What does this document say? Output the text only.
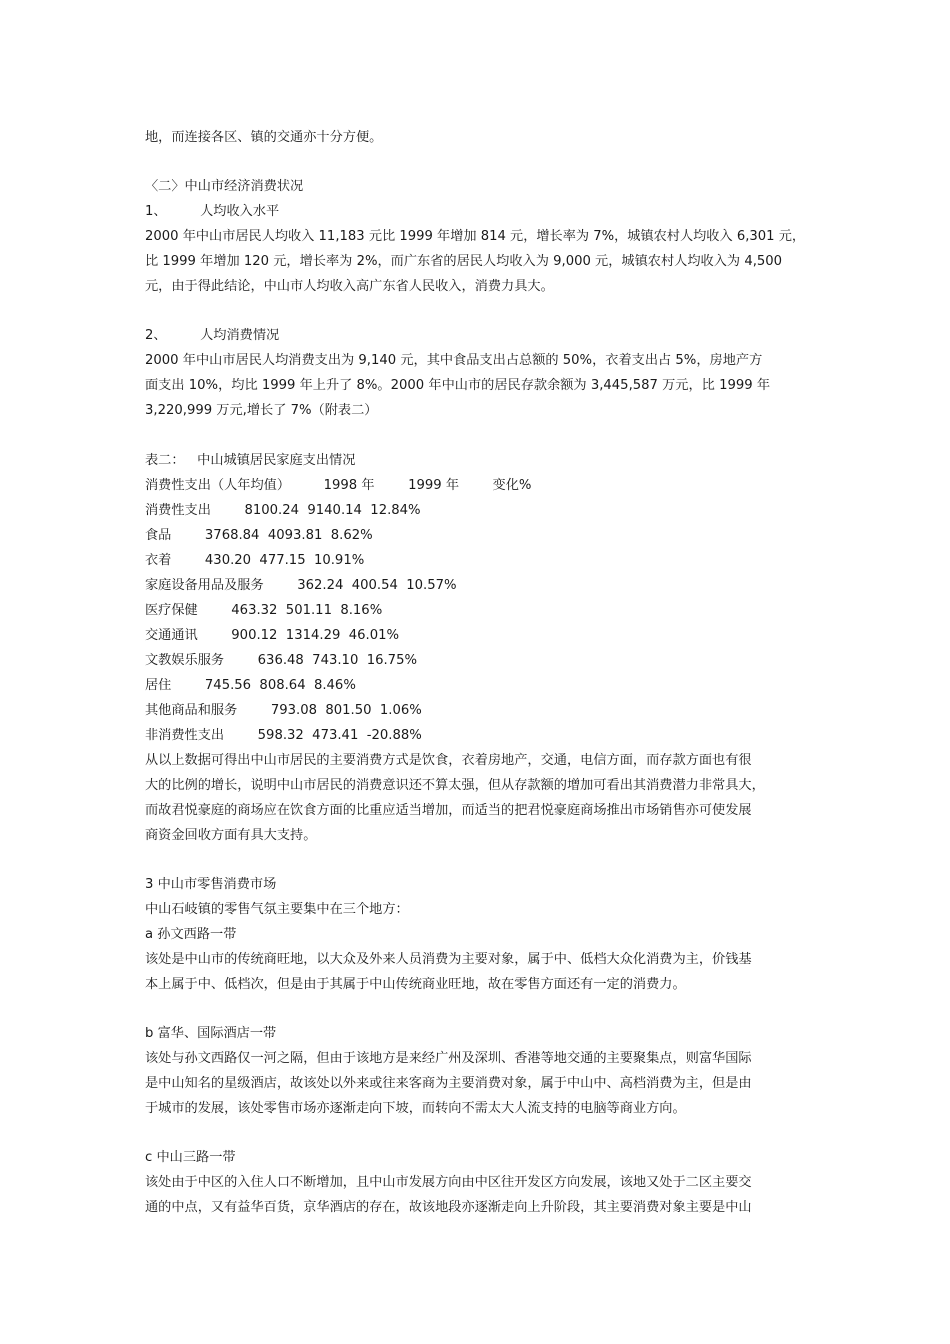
地，而连接各区、镇的交通亦十分方便。
〈二〉中山市经济消费状况
1、        人均收入水平
2000 年中山市居民人均收入 11,183 元比 1999 年增加 814 元，增长率为 7%，城镇农村人均收入 6,301 元，
比 1999 年增加 120 元，增长率为 2%，而广东省的居民人均收入为 9,000 元，城镇农村人均收入为 4,500
元，由于得此结论，中山市人均收入高广东省人民收入，消费力具大。
2、        人均消费情况
2000 年中山市居民人均消费支出为 9,140 元，其中食品支出占总额的 50%，衣着支出占 5%，房地产方
面支出 10%，均比 1999 年上升了 8%。2000 年中山市的居民存款余额为 3,445,587 万元，比 1999 年
3,220,999 万元,增长了 7%（附表二）
表二：   中山城镇居民家庭支出情况
消费性支出（人年均值）        1998 年        1999 年        变化%
消费性支出        8100.24  9140.14  12.84%
食品        3768.84  4093.81  8.62%
衣着        430.20  477.15  10.91%
家庭设备用品及服务        362.24  400.54  10.57%
医疗保健        463.32  501.11  8.16%
交通通讯        900.12  1314.29  46.01%
文教娱乐服务        636.48  743.10  16.75%
居住        745.56  808.64  8.46%
其他商品和服务        793.08  801.50  1.06%
非消费性支出        598.32  473.41  -20.88%
从以上数据可得出中山市居民的主要消费方式是饮食，衣着房地产，交通，电信方面，而存款方面也有很
大的比例的增长，说明中山市居民的消费意识还不算太强，但从存款额的增加可看出其消费潜力非常具大，
而故君悦豪庭的商场应在饮食方面的比重应适当增加，而适当的把君悦豪庭商场推出市场销售亦可使发展
商资金回收方面有具大支持。
3 中山市零售消费市场
中山石岐镇的零售气氛主要集中在三个地方：
a 孙文西路一带
该处是中山市的传统商旺地，以大众及外来人员消费为主要对象，属于中、低档大众化消费为主，价钱基
本上属于中、低档次，但是由于其属于中山传统商业旺地，故在零售方面还有一定的消费力。
b 富华、国际酒店一带
该处与孙文西路仅一河之隔，但由于该地方是来经广州及深圳、香港等地交通的主要聚集点，则富华国际
是中山知名的星级酒店，故该处以外来或往来客商为主要消费对象，属于中山中、高档消费为主，但是由
于城市的发展，该处零售市场亦逐渐走向下坡，而转向不需太大人流支持的电脑等商业方向。
c 中山三路一带
该处由于中区的入住人口不断增加，且中山市发展方向由中区往开发区方向发展，该地又处于二区主要交
通的中点，又有益华百货，京华酒店的存在，故该地段亦逐渐走向上升阶段，其主要消费对象主要是中山
